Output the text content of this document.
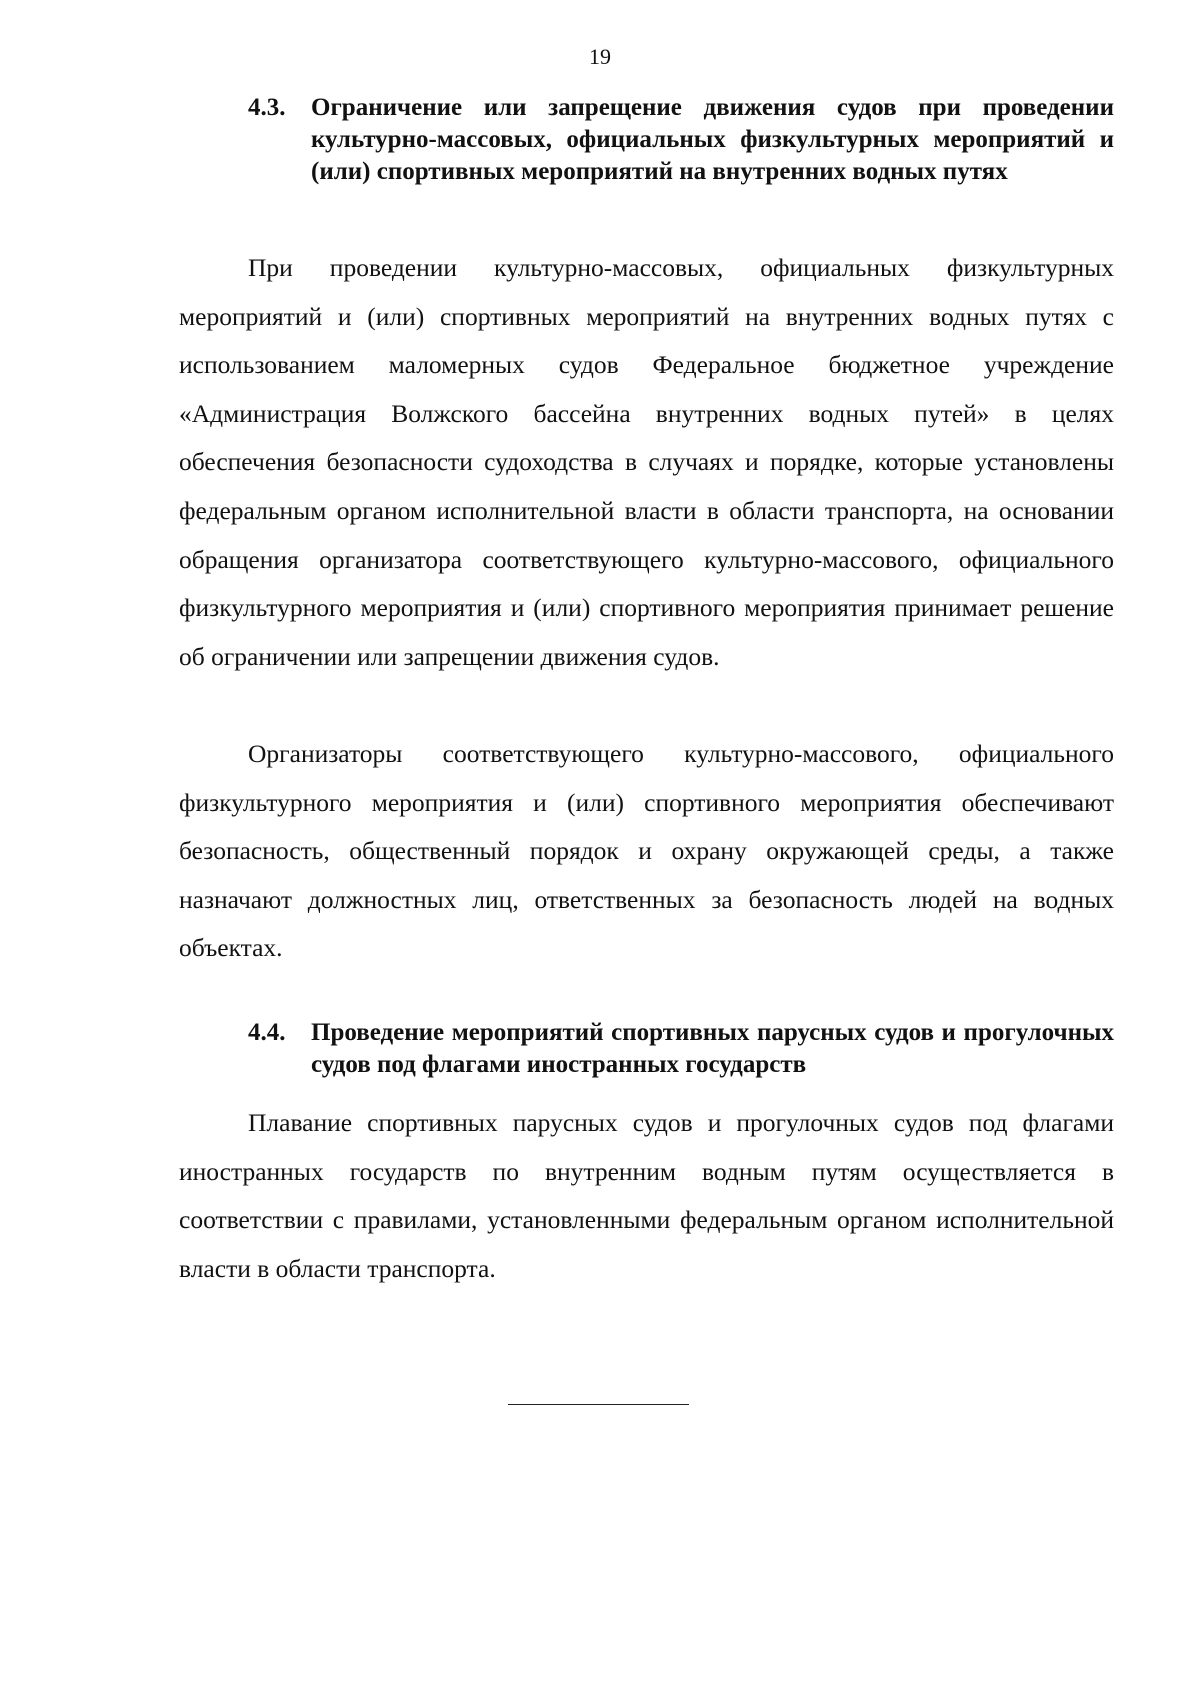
19
4.3. Ограничение или запрещение движения судов при проведении культурно-массовых, официальных физкультурных мероприятий и (или) спортивных мероприятий на внутренних водных путях

При проведении культурно-массовых, официальных физкультурных мероприятий и (или) спортивных мероприятий на внутренних водных путях с использованием маломерных судов Федеральное бюджетное учреждение «Администрация Волжского бассейна внутренних водных путей» в целях обеспечения безопасности судоходства в случаях и порядке, которые установлены федеральным органом исполнительной власти в области транспорта, на основании обращения организатора соответствующего культурно-массового, официального физкультурного мероприятия и (или) спортивного мероприятия принимает решение об ограничении или запрещении движения судов.

Организаторы соответствующего культурно-массового, официального физкультурного мероприятия и (или) спортивного мероприятия обеспечивают безопасность, общественный порядок и охрану окружающей среды, а также назначают должностных лиц, ответственных за безопасность людей на водных объектах.

4.4. Проведение мероприятий спортивных парусных судов и прогулочных судов под флагами иностранных государств

Плавание спортивных парусных судов и прогулочных судов под флагами иностранных государств по внутренним водным путям осуществляется в соответствии с правилами, установленными федеральным органом исполнительной власти в области транспорта.
